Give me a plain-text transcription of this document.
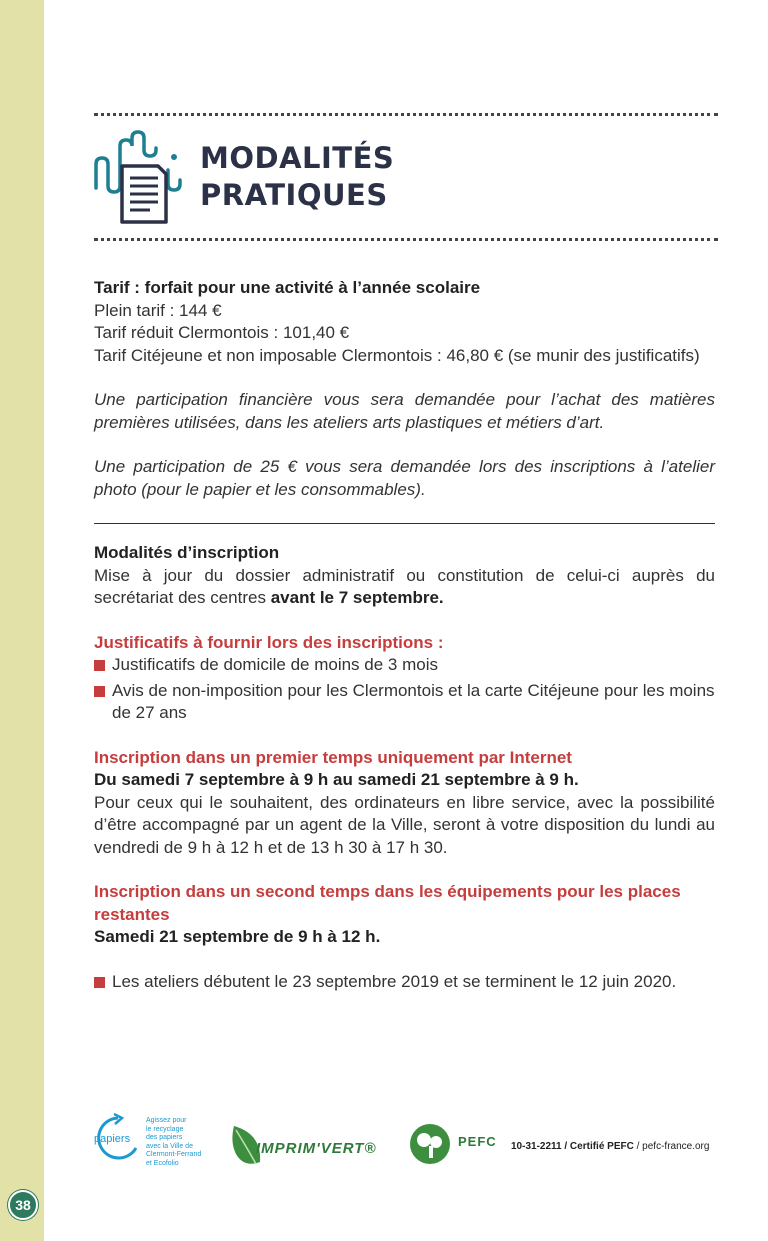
38
MODALITÉS
PRATIQUES
Tarif : forfait pour une activité à l’année scolaire
Plein tarif : 144 €
Tarif réduit Clermontois : 101,40 €
Tarif Citéjeune et non imposable Clermontois : 46,80 € (se munir des justificatifs)
Une participation financière vous sera demandée pour l’achat des matières premières utilisées, dans les ateliers arts plastiques et métiers d’art.
Une participation de 25 € vous sera demandée lors des inscriptions à l’atelier photo (pour le papier et les consommables).
Modalités d’inscription
Mise à jour du dossier administratif ou constitution de celui-ci auprès du secrétariat des centres avant le 7 septembre.
Justificatifs à fournir lors des inscriptions :
Justificatifs de domicile de moins de 3 mois
Avis de non-imposition pour les Clermontois et la carte Citéjeune pour les moins de 27 ans
Inscription dans un premier temps uniquement par Internet
Du samedi 7 septembre à 9 h au samedi 21 septembre à 9 h.
Pour ceux qui le souhaitent, des ordinateurs en libre service, avec la possibilité d’être accompagné par un agent de la Ville, seront à votre disposition du lundi au vendredi de 9 h à 12 h et de 13 h 30 à 17 h 30.
Inscription dans un second temps dans les équipements pour les places restantes
Samedi 21 septembre de 9 h à 12 h.
Les ateliers débutent le 23 septembre 2019 et se terminent le 12 juin 2020.
papiers
Agissez pour
le recyclage
des papiers
avec la Ville de
Clermont-Ferrand
et Ecofolio
IMPRIM'VERT®	PEFC 10-31-2211 / Certifié PEFC / pefc-france.org
